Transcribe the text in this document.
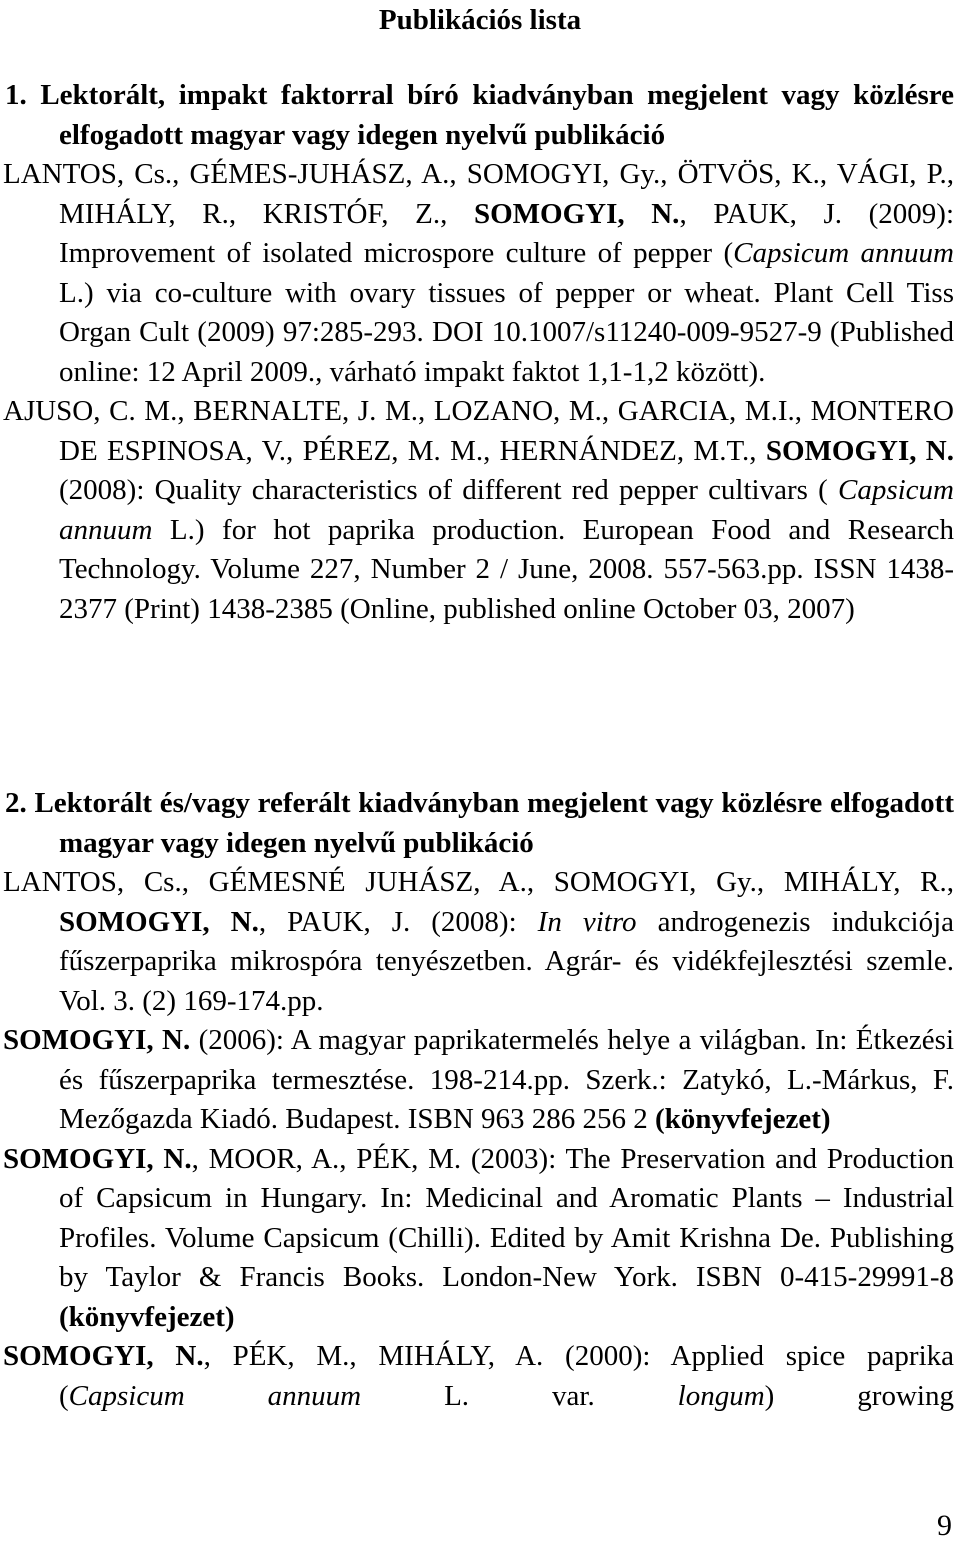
Publikációs lista

1. Lektorált, impakt faktorral bíró kiadványban megjelent vagy közlésre elfogadott magyar vagy idegen nyelvű publikáció

LANTOS, Cs., GÉMES-JUHÁSZ, A., SOMOGYI, Gy., ÖTVÖS, K., VÁGI, P., MIHÁLY, R., KRISTÓF, Z., SOMOGYI, N., PAUK, J. (2009): Improvement of isolated microspore culture of pepper (Capsicum annuum L.) via co-culture with ovary tissues of pepper or wheat. Plant Cell Tiss Organ Cult (2009) 97:285-293. DOI 10.1007/s11240-009-9527-9 (Published online: 12 April 2009., várható impakt faktot 1,1-1,2 között).

AJUSO, C. M., BERNALTE, J. M., LOZANO, M., GARCIA, M.I., MONTERO DE ESPINOSA, V., PÉREZ, M. M., HERNÁNDEZ, M.T., SOMOGYI, N. (2008): Quality characteristics of different red pepper cultivars ( Capsicum annuum L.) for hot paprika production. European Food and Research Technology. Volume 227, Number 2 / June, 2008. 557-563.pp. ISSN 1438-2377 (Print) 1438-2385 (Online, published online October 03, 2007)

2. Lektorált és/vagy referált kiadványban megjelent vagy közlésre elfogadott magyar vagy idegen nyelvű publikáció

LANTOS, Cs., GÉMESNÉ JUHÁSZ, A., SOMOGYI, Gy., MIHÁLY, R., SOMOGYI, N., PAUK, J. (2008): In vitro androgenezis indukciója fűszerpaprika mikrospóra tenyészetben. Agrár- és vidékfejlesztési szemle. Vol. 3. (2) 169-174.pp.

SOMOGYI, N. (2006): A magyar paprikatermelés helye a világban. In: Étkezési és fűszerpaprika termesztése. 198-214.pp. Szerk.: Zatykó, L.-Márkus, F. Mezőgazda Kiadó. Budapest. ISBN 963 286 256 2 (könyvfejezet)

SOMOGYI, N., MOOR, A., PÉK, M. (2003): The Preservation and Production of Capsicum in Hungary. In: Medicinal and Aromatic Plants – Industrial Profiles. Volume Capsicum (Chilli). Edited by Amit Krishna De. Publishing by Taylor & Francis Books. London-New York. ISBN 0-415-29991-8 (könyvfejezet)

SOMOGYI, N., PÉK, M., MIHÁLY, A. (2000): Applied spice paprika (Capsicum annuum L. var. longum) growing

9
